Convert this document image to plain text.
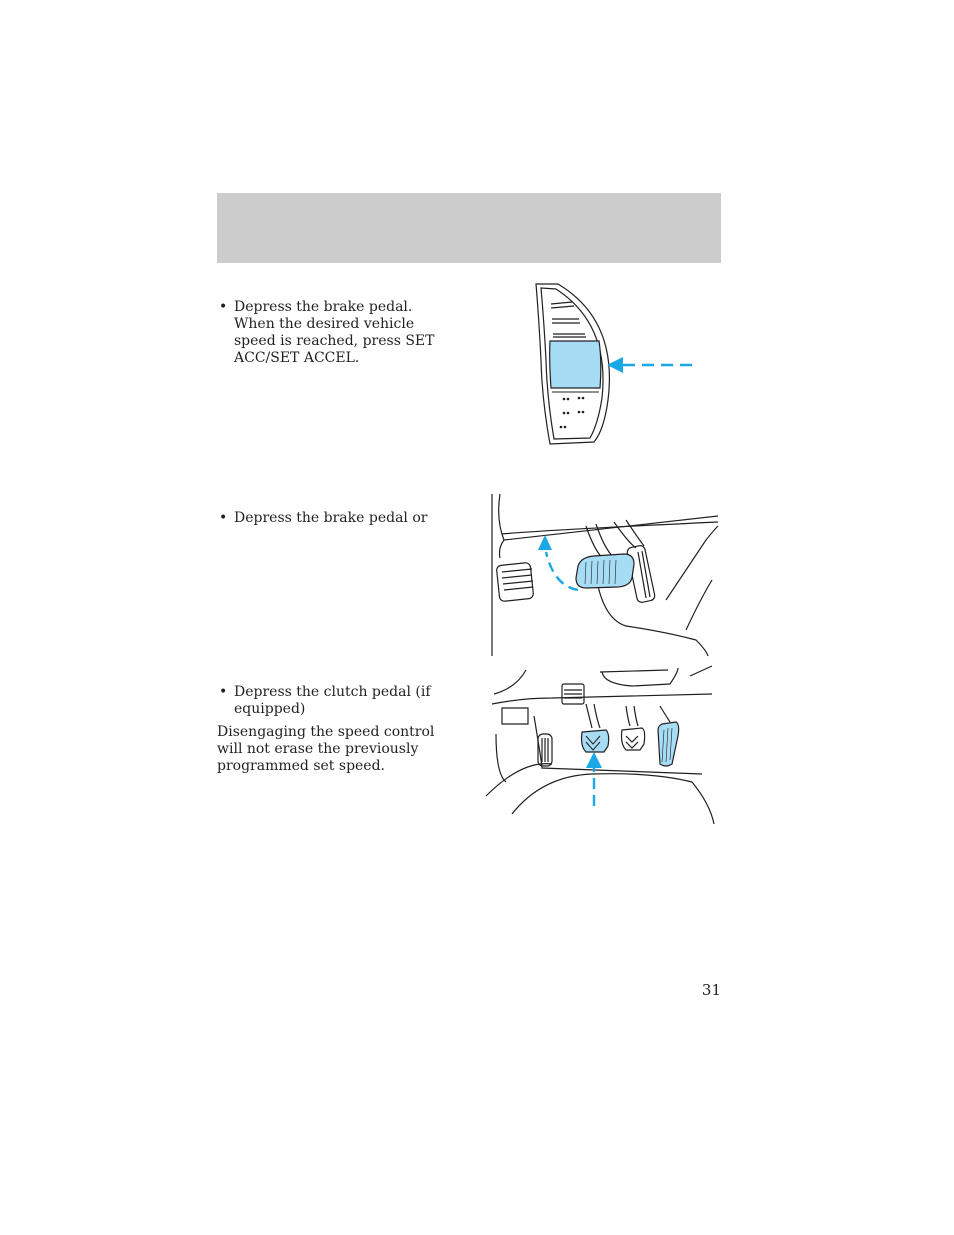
• Depress the brake pedal. When the desired vehicle speed is reached, press SET ACC/SET ACCEL.

• Depress the brake pedal or

• Depress the clutch pedal (if equipped)

Disengaging the speed control will not erase the previously programmed set speed.

31
